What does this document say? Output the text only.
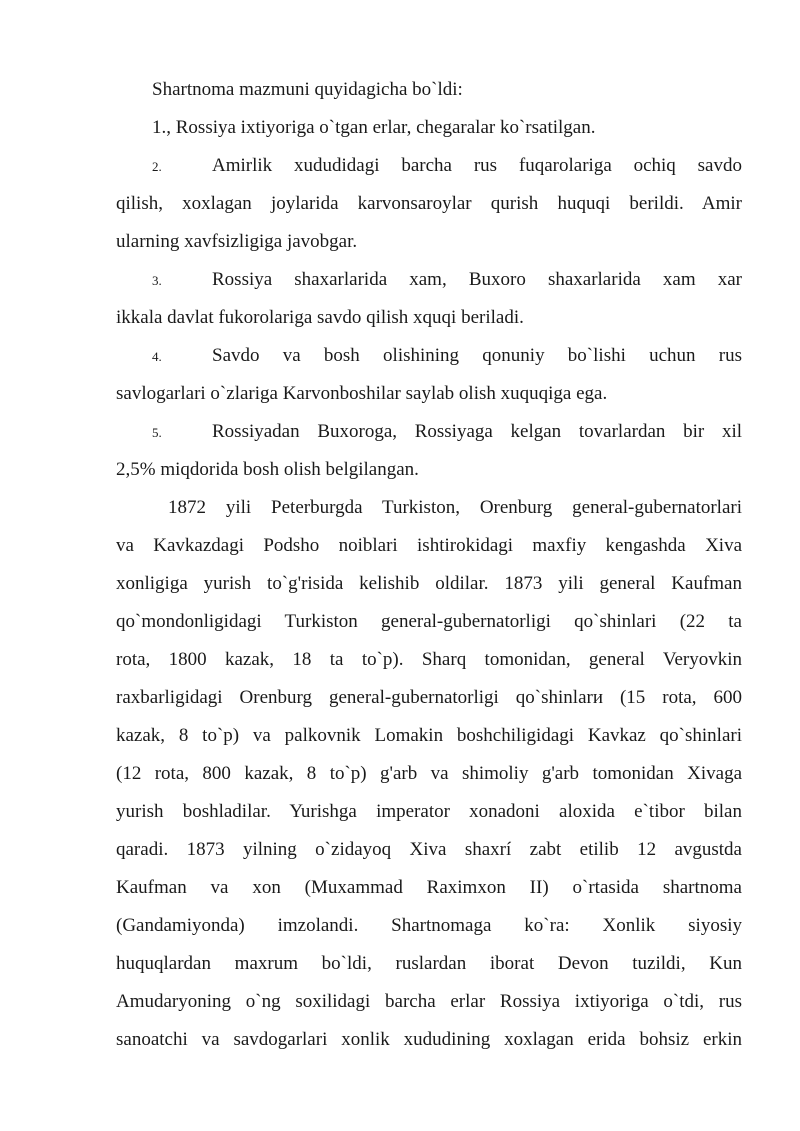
Shartnoma mazmuni quyidagicha bo`ldi:
1., Rossiya ixtiyoriga o`tgan erlar, chegaralar ko`rsatilgan.
2.	Amirlik xududidagi barcha rus fuqarolariga ochiq savdo
qilish, xoxlagan joylarida karvonsaroylar qurish huquqi berildi. Amir
ularning xavfsizligiga javobgar.
3.	Rossiya shaxarlarida xam, Buxoro shaxarlarida xam xar
ikkala davlat fukorolariga savdo qilish xquqi beriladi.
4.	Savdo va bosh olishining qonuniy bo`lishi uchun rus
savlogarlari o`zlariga Karvonboshilar saylab olish xuquqiga ega.
5.	Rossiyadan Buxoroga, Rossiyaga kelgan tovarlardan bir xil
2,5% miqdorida bosh olish belgilangan.
1872 yili Peterburgda Turkiston, Orenburg general-gubernatorlari
va Kavkazdagi Podsho noiblari ishtirokidagi maxfiy kengashda Xiva
xonligiga yurish to`g'risida kelishib oldilar. 1873 yili general Kaufman
qo`mondonligidagi Turkiston general-gubernatorligi qo`shinlari (22 ta
rota, 1800 kazak, 18 ta to`p). Sharq tomonidan, general Veryovkin
raxbarligidagi Orenburg general-gubernatorligi qo`shinlarи (15 rota, 600
kazak, 8 to`p) va palkovnik Lomakin boshchiligidagi Kavkaz qo`shinlari
(12 rota, 800 kazak, 8 to`p) g'arb va shimoliy g'arb tomonidan Xivaga
yurish boshladilar. Yurishga imperator xonadoni aloxida e`tibor bilan
qaradi. 1873 yilning o`zidayoq Xiva shaxrí zabt etilib 12 avgustda
Kaufman va xon (Muxammad Raximxon II) o`rtasida shartnoma
(Gandamiyonda) imzolandi. Shartnomaga ko`ra: Xonlik siyosiy
huquqlardan maxrum bo`ldi, ruslardan iborat Devon tuzildi, Kun
Amudaryoning o`ng soxilidagi barcha erlar Rossiya ixtiyoriga o`tdi, rus
sanoatchi va savdogarlari xonlik xududining xoxlagan erida bohsiz erkin
